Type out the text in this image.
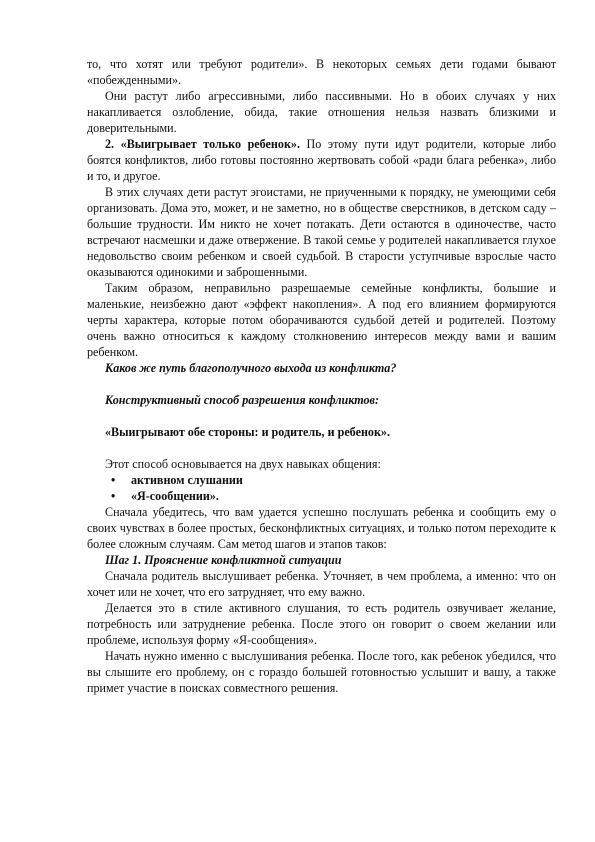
то, что хотят или требуют родители». В некоторых семьях дети годами бывают «побежденными».

Они растут либо агрессивными, либо пассивными. Но в обоих случаях у них накапливается озлобление, обида, такие отношения нельзя назвать близкими и доверительными.

2. «Выигрывает только ребенок». По этому пути идут родители, которые либо боятся конфликтов, либо готовы постоянно жертвовать собой «ради блага ребенка», либо и то, и другое.

В этих случаях дети растут эгоистами, не приученными к порядку, не умеющими себя организовать. Дома это, может, и не заметно, но в обществе сверстников, в детском саду – большие трудности. Им никто не хочет потакать. Дети остаются в одиночестве, часто встречают насмешки и даже отвержение. В такой семье у родителей накапливается глухое недовольство своим ребенком и своей судьбой. В старости уступчивые взрослые часто оказываются одинокими и заброшенными.

Таким образом, неправильно разрешаемые семейные конфликты, большие и маленькие, неизбежно дают «эффект накопления». А под его влиянием формируются черты характера, которые потом оборачиваются судьбой детей и родителей. Поэтому очень важно относиться к каждому столкновению интересов между вами и вашим ребенком.

Каков же путь благополучного выхода из конфликта?

Конструктивный способ разрешения конфликтов:

«Выигрывают обе стороны: и родитель, и ребенок».

Этот способ основывается на двух навыках общения:

• активном слушании
• «Я-сообщении».

Сначала убедитесь, что вам удается успешно послушать ребенка и сообщить ему о своих чувствах в более простых, бесконфликтных ситуациях, и только потом переходите к более сложным случаям. Сам метод шагов и этапов таков:

Шаг 1. Прояснение конфликтной ситуации

Сначала родитель выслушивает ребенка. Уточняет, в чем проблема, а именно: что он хочет или не хочет, что его затрудняет, что ему важно.

Делается это в стиле активного слушания, то есть родитель озвучивает желание, потребность или затруднение ребенка. После этого он говорит о своем желании или проблеме, используя форму «Я-сообщения».

Начать нужно именно с выслушивания ребенка. После того, как ребенок убедился, что вы слышите его проблему, он с гораздо большей готовностью услышит и вашу, а также примет участие в поисках совместного решения.
